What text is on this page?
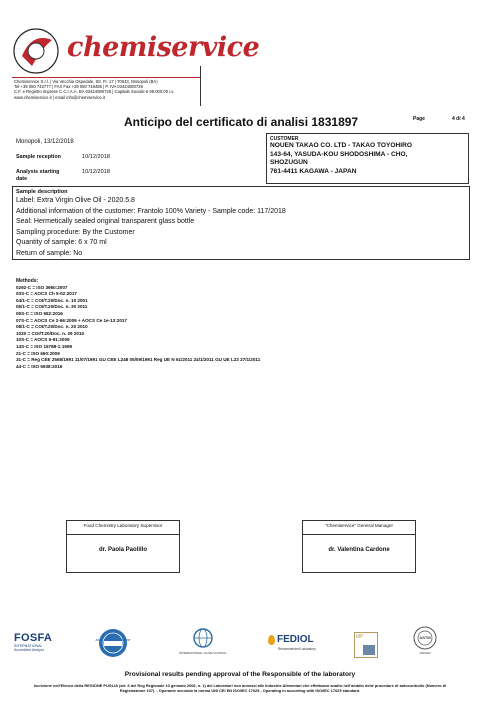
chemiservice
Chemiservice S.r.l. | Via Vecchia Ospedale, Str. Fr. 17 | 70043, Monopoli (BA)
Tel +39 080 742777 | FAX Fax +39 080 748486 | P. IVA 03424080726
C.F. e Registro Imprese C.C.I.A.A. BA 03424080726 | Capitale Sociale € 99.000,00 i.v.
www.chemiservice.it | email info@chemiservice.it
Page	4 di 4
Anticipo del certificato di analisi 1831897
Monopoli, 13/12/2018
Sample reception	10/12/2018
Analysis starting date
10/12/2018
CUSTOMER
NOUEN TAKAO CO. LTD - TAKAO TOYOHIRO
143-64, YASUDA-KOU SHODOSHIMA - CHO,
SHOZUGUN
761-4411 KAGAWA - JAPAN
Sample description
Label: Extra Virgin Olive Oil - 2020.5.8
Additional information of the customer: Frantolo 100% Variety - Sample code: 117/2018
Seal: Hermetically sealed original transparent glass bottle
Sampling procedure: By the Customer
Quantity of sample: 6 x 70 ml
Return of sample: No
Methods:
0292-C = ISO 3960:2007
03S-C = AOCS Ch 5-02:2017
04/1-C = COI/T.20/Doc. n. 10 2001
05/1-C = COI/T.20/Doc. n. 30 2011
06S-C = ISO 662:2016
07S-C = AOCS Ce 2-66:2009 + AOCS Ce 1e-13:2017
08/1-C = COI/T.20/Doc. n. 20 2010
1020 = COI/T.20/Doc. n. 29 2010
10S-C = AOCS 5-91:2009
14S-C = ISO 15788-1:1999
21-C = ISO 660:2009
31-C = Reg CEE 2568/1991 11/07/1991 GU CEE L248 05/09/1991 Reg UE N 61/2011 24/1/2011 GU UE L23 27/1/2011
44-C = ISO 6938:2016
Food Chemistry Laboratory Supervisor
dr. Paola Paolillo
"Chemiservice" General Manager
dr. Valentina Cardone
FOSFA
INTERNATIONAL
Accredited Analyst
AOCS APPROVED CHEMIST
INTERNATIONAL OLIVE COUNCIL
FEDIOL
Recommended Laboratory
MP	ASTM
1966022
Provisional results pending approval of the Responsible of the laboratory
Iscrizione nell'Elenco della REGIONE PUGLIA (art. 6 del Reg Regionale 10 gennaio 2006, n. 1) dei Laboratori non annessi alle Industrie Alimentari che effettuano analisi nell'ambito delle procedure di autocontrollo (Numero di Registrazione 107). - Operante secondo la norma UNI CEI EN ISO/IEC 17025 - Operating in according with ISO/IEC 17025 standard.
